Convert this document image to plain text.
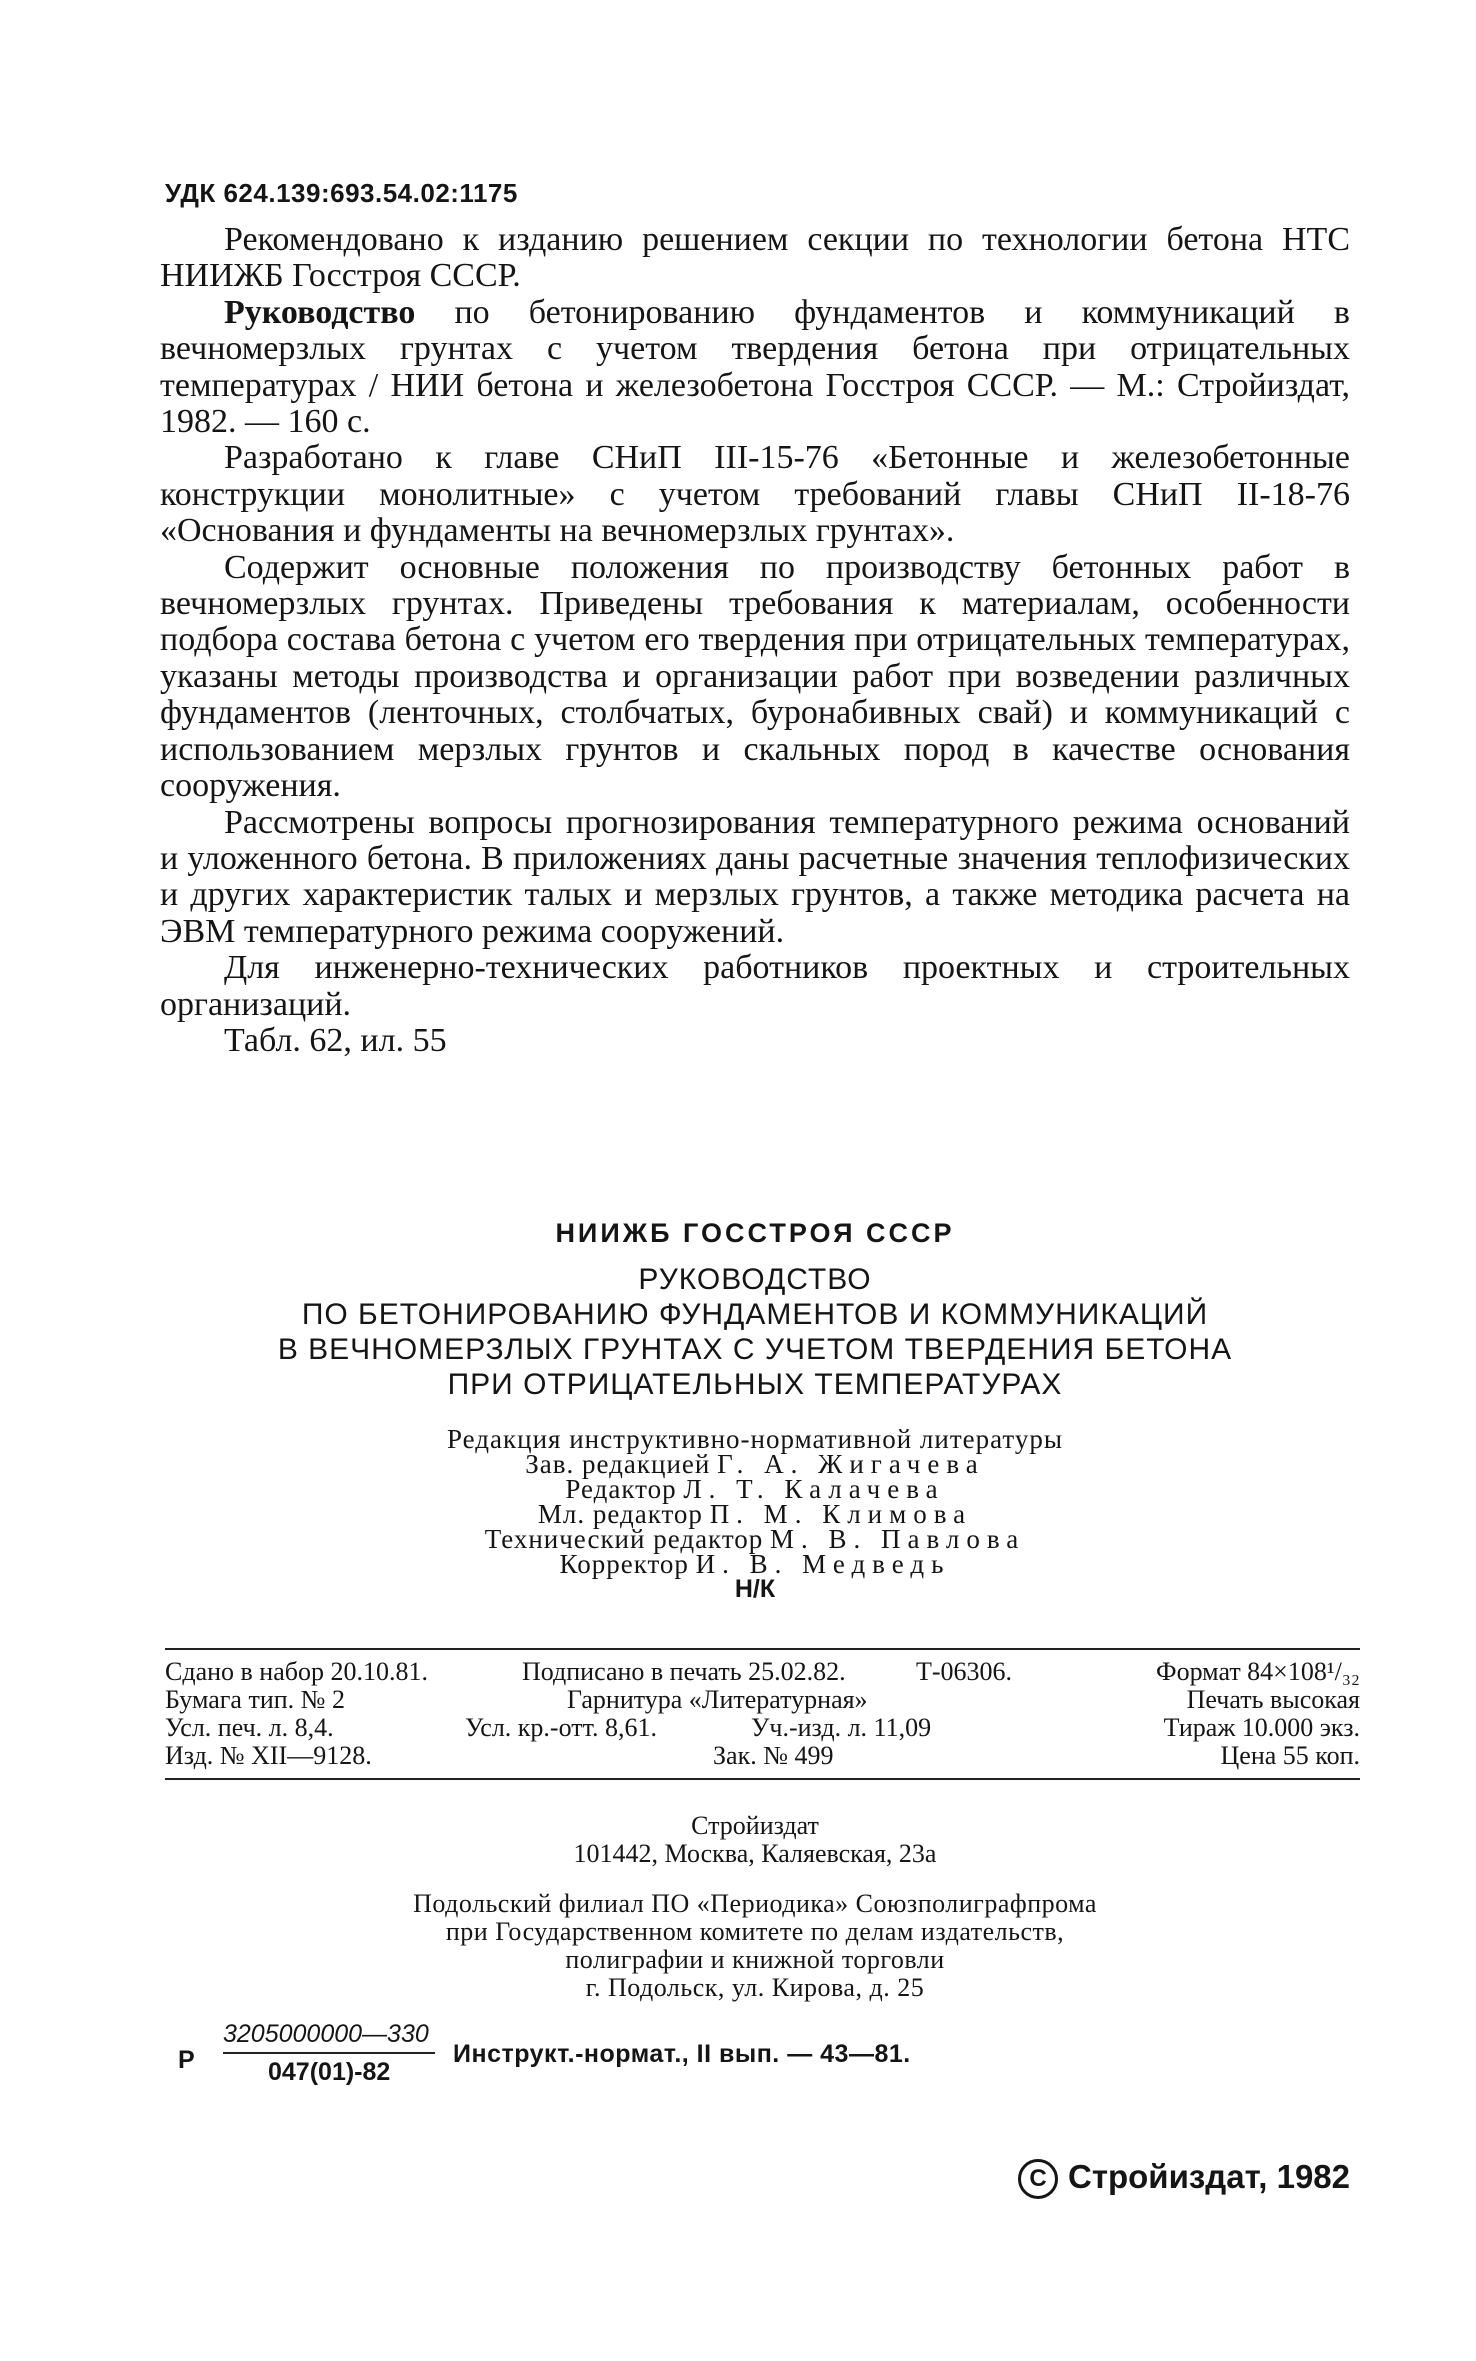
УДК 624.139:693.54.02:1175

Рекомендовано к изданию решением секции по технологии бетона НТС НИИЖБ Госстроя СССР.

Руководство по бетонированию фундаментов и коммуникаций в вечномерзлых грунтах с учетом твердения бетона при отрицательных температурах / НИИ бетона и железобетона Госстроя СССР. — М.: Стройиздат, 1982. — 160 с.

Разработано к главе СНиП III-15-76 «Бетонные и железобетонные конструкции монолитные» с учетом требований главы СНиП II-18-76 «Основания и фундаменты на вечномерзлых грунтах».

Содержит основные положения по производству бетонных работ в вечномерзлых грунтах. Приведены требования к материалам, особенности подбора состава бетона с учетом его твердения при отрицательных температурах, указаны методы производства и организации работ при возведении различных фундаментов (ленточных, столбчатых, буронабивных свай) и коммуникаций с использованием мерзлых грунтов и скальных пород в качестве основания сооружения.

Рассмотрены вопросы прогнозирования температурного режима оснований и уложенного бетона. В приложениях даны расчетные значения теплофизических и других характеристик талых и мерзлых грунтов, а также методика расчета на ЭВМ температурного режима сооружений.

Для инженерно-технических работников проектных и строительных организаций.

Табл. 62, ил. 55

НИИЖБ ГОССТРОЯ СССР
РУКОВОДСТВО
ПО БЕТОНИРОВАНИЮ ФУНДАМЕНТОВ И КОММУНИКАЦИЙ
В ВЕЧНОМЕРЗЛЫХ ГРУНТАХ С УЧЕТОМ ТВЕРДЕНИЯ БЕТОНА
ПРИ ОТРИЦАТЕЛЬНЫХ ТЕМПЕРАТУРАХ
Редакция инструктивно-нормативной литературы
Зав. редакцией Г. А. Жигачева
Редактор Л. Т. Калачева
Мл. редактор П. М. Климова
Технический редактор М. В. Павлова
Корректор И. В. Медведь
Н/К
Сдано в набор 20.10.81.	Подписано в печать 25.02.82.	Т-06306.	Формат 84×108¹/₃₂
Бумага тип. № 2	Гарнитура «Литературная»	Печать высокая
Усл. печ. л. 8,4.	Усл. кр.-отт. 8,61.	Уч.-изд. л. 11,09	Тираж 10.000 экз.
Изд. № XII—9128.	Зак. № 499	Цена 55 коп.
Стройиздат
101442, Москва, Каляевская, 23а
Подольский филиал ПО «Периодика» Союзполиграфпрома
при Государственном комитете по делам издательств,
полиграфии и книжной торговли
г. Подольск, ул. Кирова, д. 25
Р
3205000000—330
047(01)-82
Инструкт.-нормат., II вып. — 43—81.
C Стройиздат, 1982
